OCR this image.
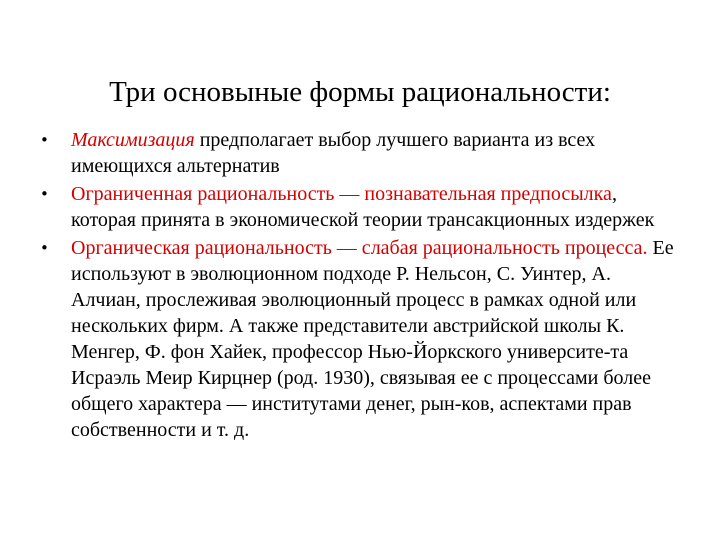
Три основыные формы рациональности:
• Максимизация предполагает выбор лучшего варианта из всех имеющихся альтернатив
• Ограниченная рациональность — познавательная предпосылка, которая принята в экономической теории трансакционных издержек
• Органическая рациональность — слабая рациональность процесса. Ее используют в эволюционном подходе Р. Нельсон, С. Уинтер, А. Алчиан, прослеживая эволюционный процесс в рамках одной или нескольких фирм. А также представители австрийской школы К. Менгер, Ф. фон Хайек, профессор Нью-Йоркского университе-та Исраэль Меир Кирцнер (род. 1930), связывая ее с процессами более общего характера — институтами денег, рын-ков, аспектами прав собственности и т. д.
